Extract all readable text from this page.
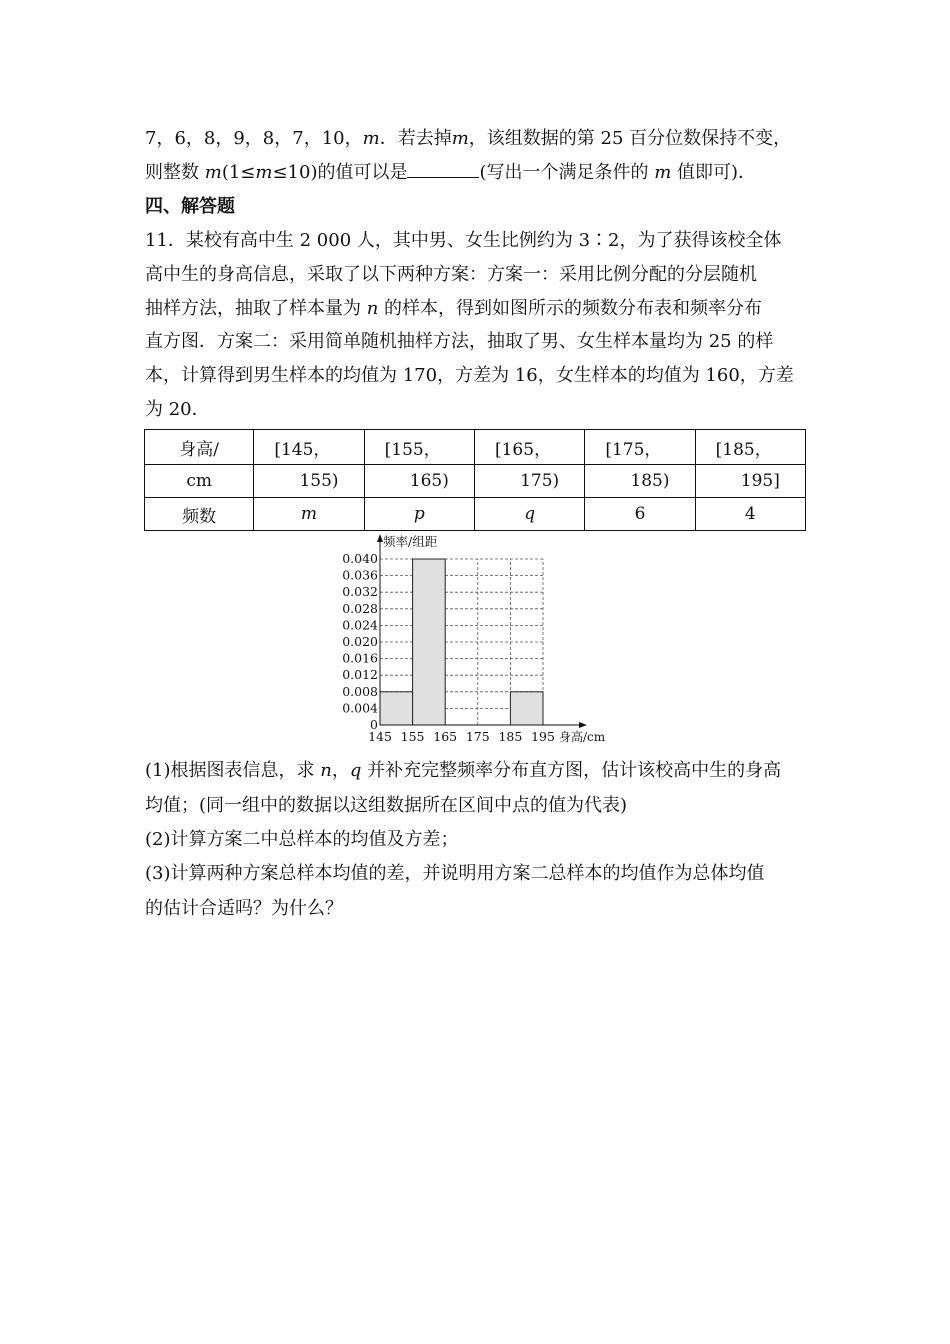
7，6，8，9，8，7，10，m．若去掉m，该组数据的第 25 百分位数保持不变，
则整数 m(1≤m≤10)的值可以是	(写出一个满足条件的 m 值即可)．
四、解答题
11．某校有高中生 2 000 人，其中男、女生比例约为 3∶2，为了获得该校全体
高中生的身高信息，采取了以下两种方案：方案一：采用比例分配的分层随机
抽样方法，抽取了样本量为 n 的样本，得到如图所示的频数分布表和频率分布
直方图．方案二：采用简单随机抽样方法，抽取了男、女生样本量均为 25 的样
本，计算得到男生样本的均值为 170，方差为 16，女生样本的均值为 160，方差
为 20．
身高/	[145，	[155，	[165，	[175，	[185，

cm	155)	165)	175)	185)	195]

频数	m	p	q	6	4
0
0.004
0.008
0.012
0.016
0.020
0.024
0.028
0.032
0.036
0.040
145 155 165 175 185 195
频率/组距
身高/cm
(1)根据图表信息，求 n，q 并补充完整频率分布直方图，估计该校高中生的身高
均值；(同一组中的数据以这组数据所在区间中点的值为代表)
(2)计算方案二中总样本的均值及方差；
(3)计算两种方案总样本均值的差，并说明用方案二总样本的均值作为总体均值
的估计合适吗？为什么？
